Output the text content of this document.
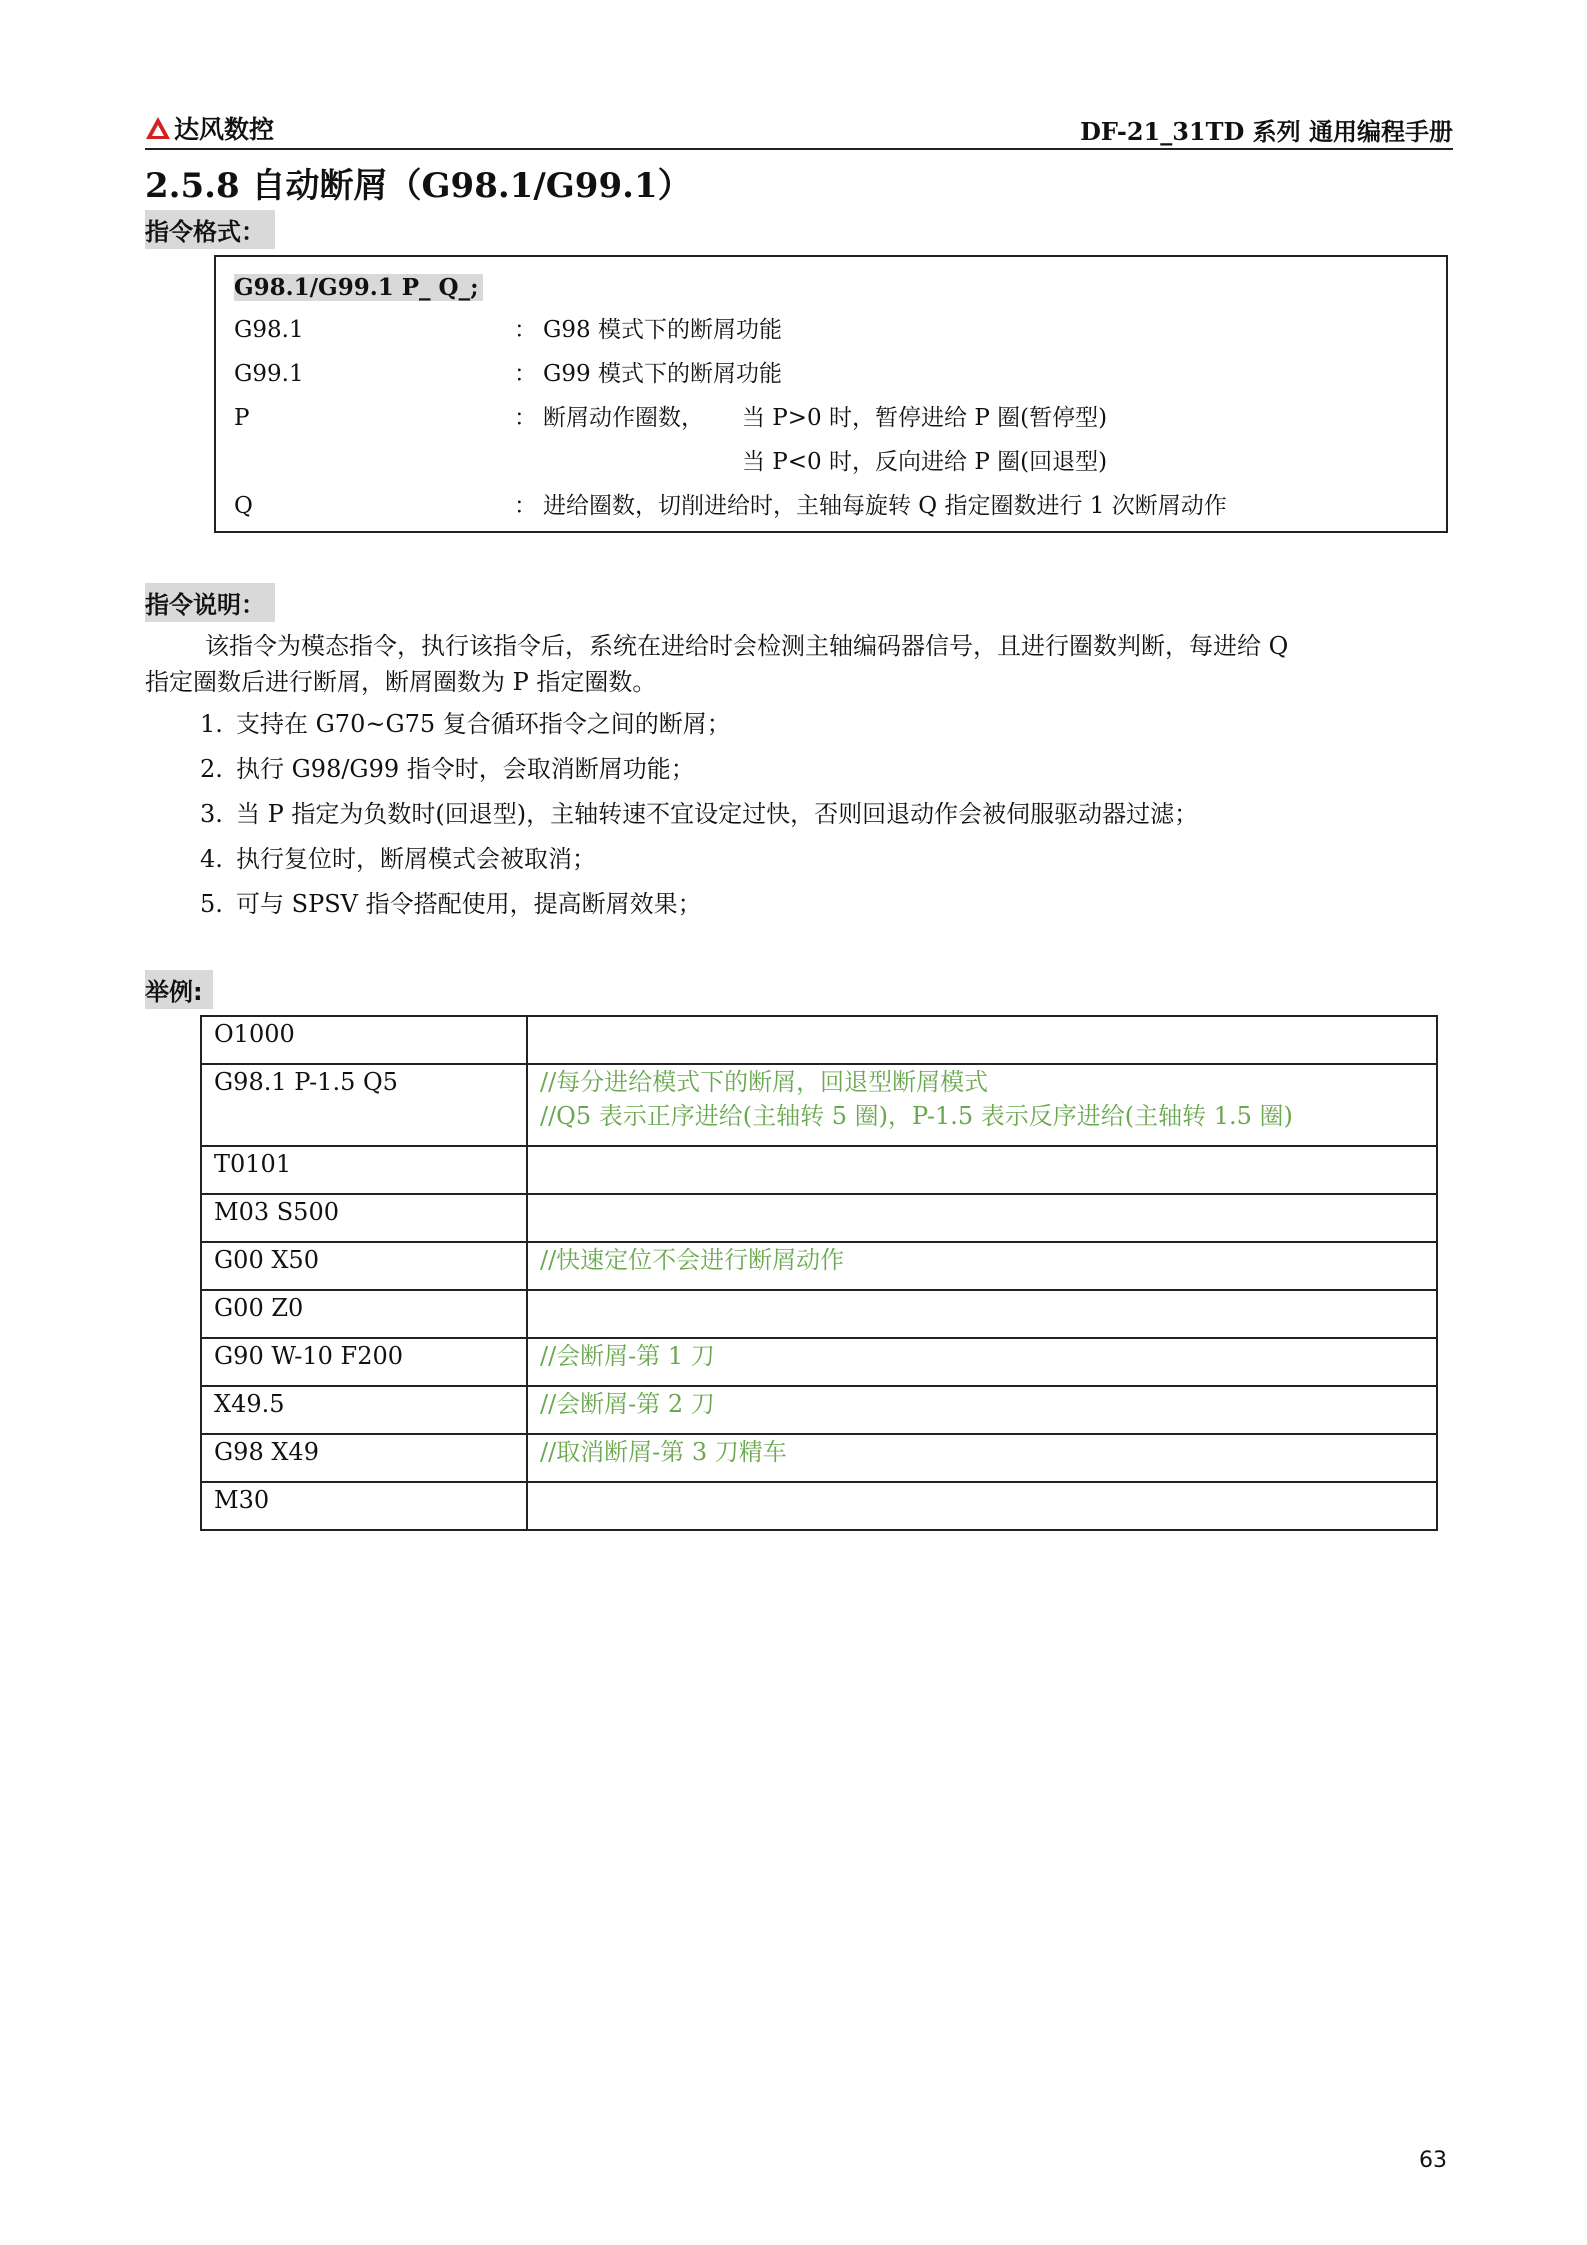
达风数控	DF-21_31TD 系列 通用编程手册
2.5.8 自动断屑（G98.1/G99.1）
指令格式：
G98.1/G99.1 P_ Q_;
G98.1	： G98 模式下的断屑功能
G99.1	： G99 模式下的断屑功能
P	： 断屑动作圈数， 当 P>0 时，暂停进给 P 圈(暂停型)
当 P<0 时，反向进给 P 圈(回退型)
Q	： 进给圈数，切削进给时，主轴每旋转 Q 指定圈数进行 1 次断屑动作
指令说明：
该指令为模态指令，执行该指令后，系统在进给时会检测主轴编码器信号，且进行圈数判断，每进给 Q
指定圈数后进行断屑，断屑圈数为 P 指定圈数。
1. 支持在 G70~G75 复合循环指令之间的断屑；
2. 执行 G98/G99 指令时，会取消断屑功能；
3. 当 P 指定为负数时(回退型)，主轴转速不宜设定过快，否则回退动作会被伺服驱动器过滤；
4. 执行复位时，断屑模式会被取消；
5. 可与 SPSV 指令搭配使用，提高断屑效果；
举例:
O1000	
G98.1 P-1.5 Q5	//每分进给模式下的断屑，回退型断屑模式
//Q5 表示正序进给(主轴转 5 圈)，P-1.5 表示反序进给(主轴转 1.5 圈)

T0101	
M03 S500	
G00 X50	//快速定位不会进行断屑动作
G00 Z0	
G90 W-10 F200	//会断屑-第 1 刀
X49.5	//会断屑-第 2 刀
G98 X49	//取消断屑-第 3 刀精车
M30	
63
